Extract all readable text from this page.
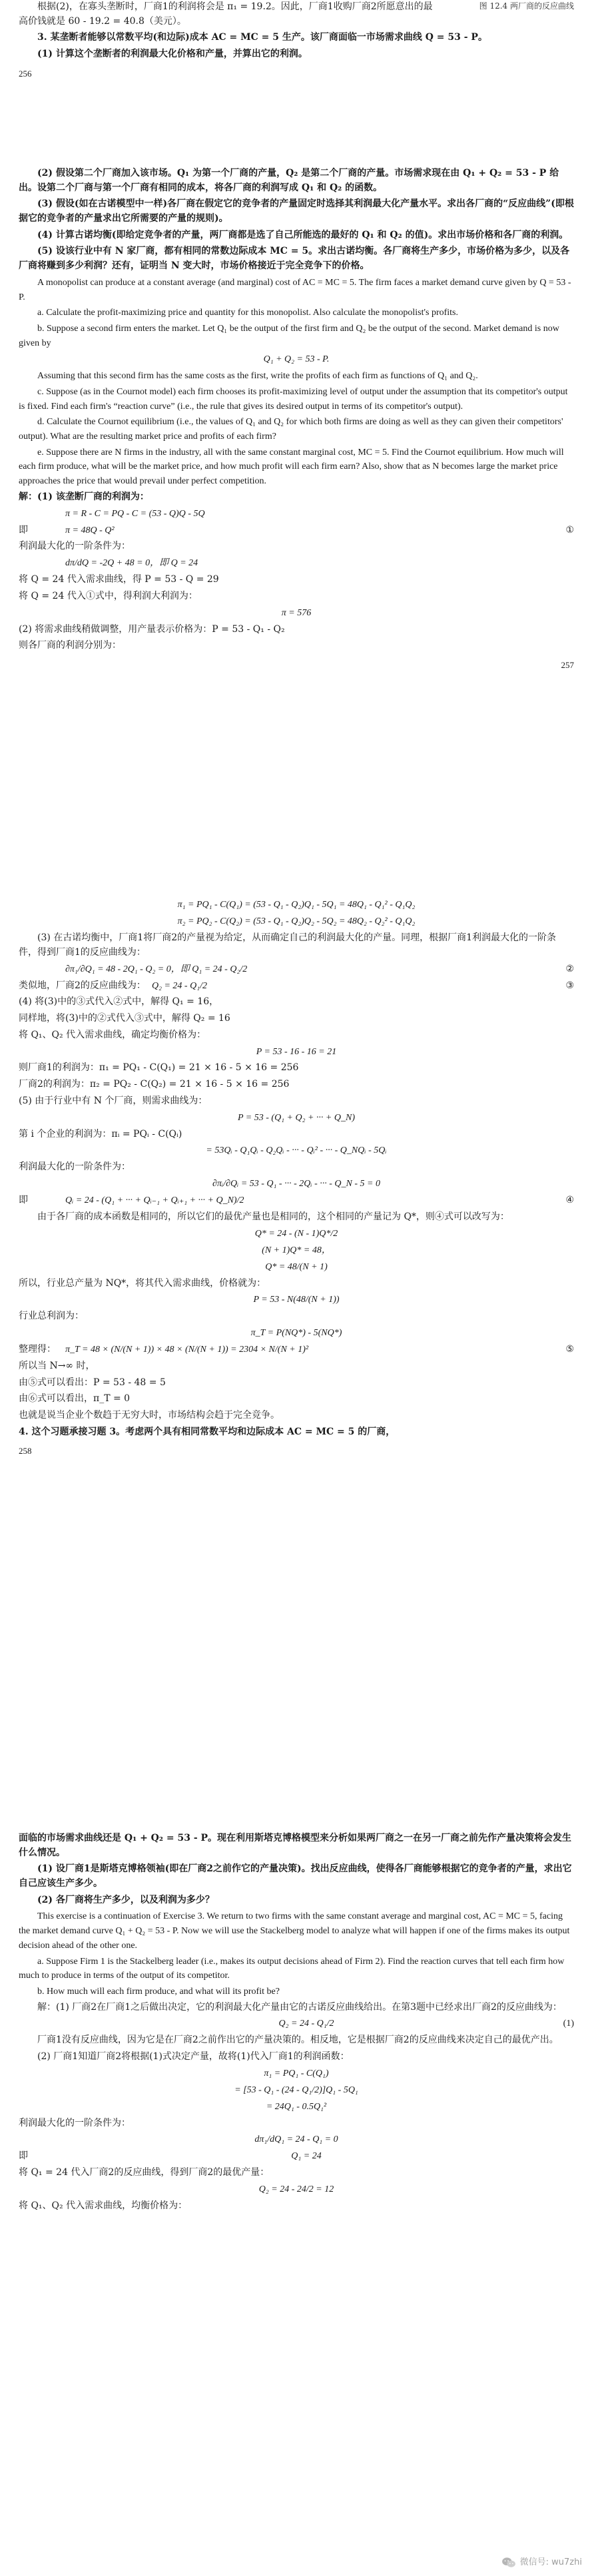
根据(2)，在寡头垄断时，厂商1的利润将会是 π₁ = 19.2。因此，厂商1收购厂商2所愿意出的最高价钱就是 60 - 19.2 = 40.8（美元）。

图 12.4 两厂商的反应曲线

3. 某垄断者能够以常数平均(和边际)成本 AC = MC = 5 生产。该厂商面临一市场需求曲线 Q = 53 - P。

(1) 计算这个垄断者的利润最大化价格和产量，并算出它的利润。

256

(2) 假设第二个厂商加入该市场。Q₁ 为第一个厂商的产量，Q₂ 是第二个厂商的产量。市场需求现在由 Q₁ + Q₂ = 53 - P 给出。设第二个厂商与第一个厂商有相同的成本，将各厂商的利润写成 Q₁ 和 Q₂ 的函数。

(3) 假设(如在古诺模型中一样)各厂商在假定它的竞争者的产量固定时选择其利润最大化产量水平。求出各厂商的“反应曲线”(即根据它的竞争者的产量求出它所需要的产量的规则)。

(4) 计算古诺均衡(即给定竞争者的产量，两厂商都是选了自己所能选的最好的 Q₁ 和 Q₂ 的值)。求出市场价格和各厂商的利润。

(5) 设该行业中有 N 家厂商，都有相同的常数边际成本 MC = 5。求出古诺均衡。各厂商将生产多少，市场价格为多少，以及各厂商将赚到多少利润？还有，证明当 N 变大时，市场价格接近于完全竞争下的价格。

A monopolist can produce at a constant average (and marginal) cost of AC = MC = 5. The firm faces a market demand curve given by Q = 53 - P.

a. Calculate the profit-maximizing price and quantity for this monopolist. Also calculate the monopolist's profits.

b. Suppose a second firm enters the market. Let Q₁ be the output of the first firm and Q₂ be the output of the second. Market demand is now given by

Q₁ + Q₂ = 53 - P.

Assuming that this second firm has the same costs as the first, write the profits of each firm as functions of Q₁ and Q₂.

c. Suppose (as in the Cournot model) each firm chooses its profit-maximizing level of output under the assumption that its competitor's output is fixed. Find each firm's “reaction curve” (i.e., the rule that gives its desired output in terms of its competitor's output).

d. Calculate the Cournot equilibrium (i.e., the values of Q₁ and Q₂ for which both firms are doing as well as they can given their competitors' output). What are the resulting market price and profits of each firm?

e. Suppose there are N firms in the industry, all with the same constant marginal cost, MC = 5. Find the Cournot equilibrium. How much will each firm produce, what will be the market price, and how much profit will each firm earn? Also, show that as N becomes large the market price approaches the price that would prevail under perfect competition.

解：(1) 该垄断厂商的利润为：

π = R - C = PQ - C = (53 - Q)Q - 5Q
即	π = 48Q - Q²	①

利润最大化的一阶条件为：

dπ/dQ = -2Q + 48 = 0，即 Q = 24

将 Q = 24 代入需求曲线，得 P = 53 - Q = 29

将 Q = 24 代入①式中，得利润大利润为：

π = 576

(2) 将需求曲线稍做调整，用产量表示价格为：P = 53 - Q₁ - Q₂

则各厂商的利润分别为：

257
π₁ = PQ₁ - C(Q₁) = (53 - Q₁ - Q₂)Q₁ - 5Q₁ = 48Q₁ - Q₁² - Q₁Q₂
π₂ = PQ₂ - C(Q₂) = (53 - Q₁ - Q₂)Q₂ - 5Q₂ = 48Q₂ - Q₂² - Q₁Q₂

(3) 在古诺均衡中，厂商1将厂商2的产量视为给定，从而确定自己的利润最大化的产量。同理，根据厂商1利润最大化的一阶条件，得到厂商1的反应曲线为：

∂π₁/∂Q₁ = 48 - 2Q₁ - Q₂ = 0，即 Q₁ = 24 - Q₂/2	②
类似地，厂商2的反应曲线为： Q₂ = 24 - Q₁/2	③

(4) 将(3)中的③式代入②式中，解得 Q₁ = 16，

同样地，将(3)中的②式代入③式中，解得 Q₂ = 16

将 Q₁、Q₂ 代入需求曲线，确定均衡价格为：

P = 53 - 16 - 16 = 21

则厂商1的利润为：π₁ = PQ₁ - C(Q₁) = 21 × 16 - 5 × 16 = 256

厂商2的利润为：π₂ = PQ₂ - C(Q₂) = 21 × 16 - 5 × 16 = 256

(5) 由于行业中有 N 个厂商，则需求曲线为：

P = 53 - (Q₁ + Q₂ + ··· + Q_N)

第 i 个企业的利润为：πᵢ = PQᵢ - C(Qᵢ)

= 53Qᵢ - Q₁Qᵢ - Q₂Qᵢ - ··· - Qᵢ² - ··· - Q_NQᵢ - 5Qᵢ

利润最大化的一阶条件为：

∂πᵢ/∂Qᵢ = 53 - Q₁ - ··· - 2Qᵢ - ··· - Q_N - 5 = 0
即	Qᵢ = 24 - (Q₁ + ··· + Qᵢ₋₁ + Qᵢ₊₁ + ··· + Q_N)/2	④

由于各厂商的成本函数是相同的，所以它们的最优产量也是相同的，这个相同的产量记为 Q*，则④式可以改写为：

Q* = 24 - (N - 1)Q*/2
(N + 1)Q* = 48，
Q* = 48/(N + 1)

所以，行业总产量为 NQ*，将其代入需求曲线，价格就为：

P = 53 - N(48/(N + 1))

行业总利润为：

π_T = P(NQ*) - 5(NQ*)
整理得：	π_T = 48 × (N/(N + 1)) × 48 × (N/(N + 1)) = 2304 × N/(N + 1)²	⑤

所以当 N→∞ 时，

由⑤式可以看出：P = 53 - 48 = 5

由⑥式可以看出，π_T = 0

也就是说当企业个数趋于无穷大时，市场结构会趋于完全竞争。

4. 这个习题承接习题 3。考虑两个具有相同常数平均和边际成本 AC = MC = 5 的厂商，

258

面临的市场需求曲线还是 Q₁ + Q₂ = 53 - P。现在利用斯塔克博格模型来分析如果两厂商之一在另一厂商之前先作产量决策将会发生什么情况。

(1) 设厂商1是斯塔克博格领袖(即在厂商2之前作它的产量决策)。找出反应曲线，使得各厂商能够根据它的竞争者的产量，求出它自己应该生产多少。

(2) 各厂商将生产多少，以及利润为多少？

This exercise is a continuation of Exercise 3. We return to two firms with the same constant average and marginal cost, AC = MC = 5, facing the market demand curve Q₁ + Q₂ = 53 - P. Now we will use the Stackelberg model to analyze what will happen if one of the firms makes its output decision ahead of the other one.

a. Suppose Firm 1 is the Stackelberg leader (i.e., makes its output decisions ahead of Firm 2). Find the reaction curves that tell each firm how much to produce in terms of the output of its competitor.

b. How much will each firm produce, and what will its profit be?

解：(1) 厂商2在厂商1之后做出决定，它的利润最大化产量由它的古诺反应曲线给出。在第3题中已经求出厂商2的反应曲线为：

Q₂ = 24 - Q₁/2	(1)

厂商1没有反应曲线，因为它是在厂商2之前作出它的产量决策的。相反地，它是根据厂商2的反应曲线来决定自己的最优产出。

(2) 厂商1知道厂商2将根据(1)式决定产量，故将(1)代入厂商1的利润函数：

π₁ = PQ₁ - C(Q₁)
= [53 - Q₁ - (24 - Q₁/2)]Q₁ - 5Q₁
= 24Q₁ - 0.5Q₁²

利润最大化的一阶条件为：

dπ₁/dQ₁ = 24 - Q₁ = 0
即	Q₁ = 24

将 Q₁ = 24 代入厂商2的反应曲线，得到厂商2的最优产量：

Q₂ = 24 - 24/2 = 12

将 Q₁、Q₂ 代入需求曲线，均衡价格为：

微信号: wu7zhi
